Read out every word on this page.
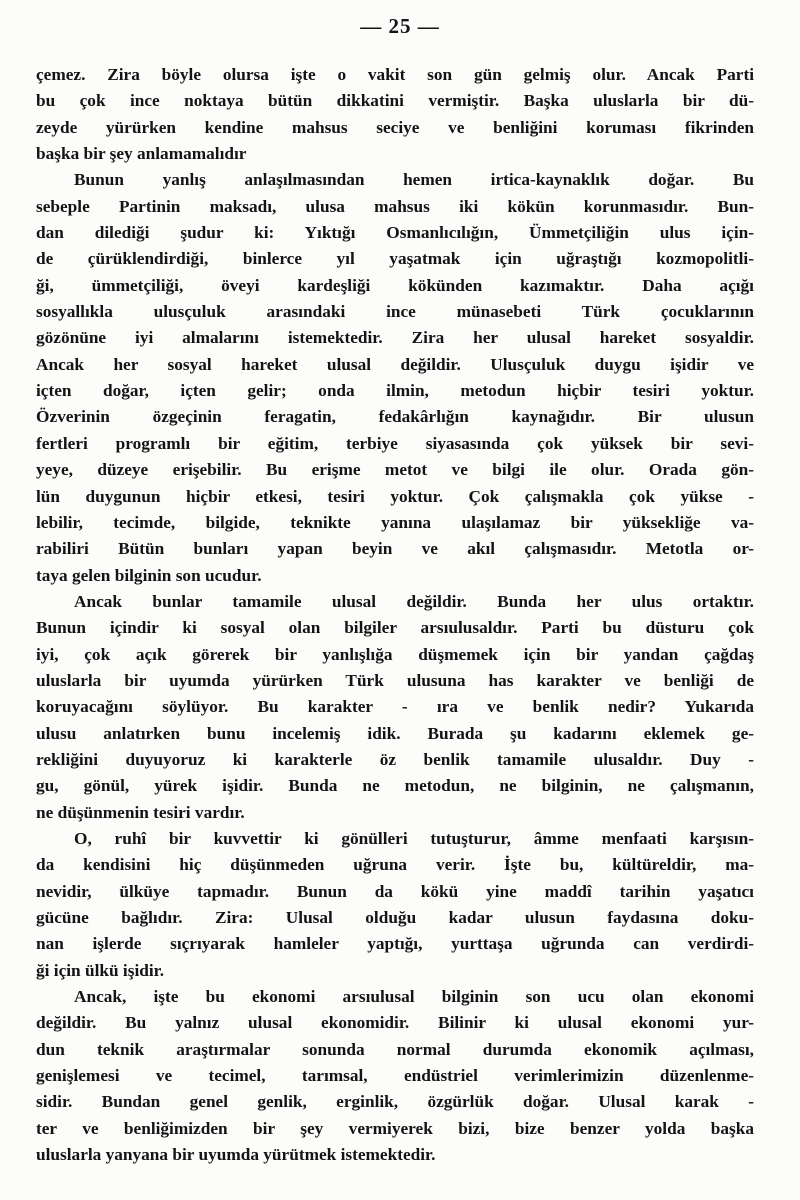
— 25 —
çemez. Zira böyle olursa işte o vakit son gün gelmiş olur. Ancak Parti
bu çok ince noktaya bütün dikkatini vermiştir. Başka uluslarla bir dü-
zeyde yürürken kendine mahsus seciye ve benliğini koruması fikrinden
başka bir şey anlamamalıdır
Bunun yanlış anlaşılmasından hemen irtica-kaynaklık doğar. Bu
sebeple Partinin maksadı, ulusa mahsus iki kökün korunmasıdır. Bun-
dan dilediği şudur ki: Yıktığı Osmanlıcılığın, Ümmetçiliğin ulus için-
de çürüklendirdiği, binlerce yıl yaşatmak için uğraştığı kozmopolitli-
ği, ümmetçiliği, öveyi kardeşliği kökünden kazımaktır. Daha açığı
sosyallıkla ulusçuluk arasındaki ince münasebeti Türk çocuklarının
gözönüne iyi almalarını istemektedir. Zira her ulusal hareket sosyaldir.
Ancak her sosyal hareket ulusal değildir. Ulusçuluk duygu işidir ve
içten doğar, içten gelir; onda ilmin, metodun hiçbir tesiri yoktur.
Özverinin özgeçinin feragatin, fedakârlığın kaynağıdır. Bir ulusun
fertleri programlı bir eğitim, terbiye siyasasında çok yüksek bir sevi-
yeye, düzeye erişebilir. Bu erişme metot ve bilgi ile olur. Orada gön-
lün duygunun hiçbir etkesi, tesiri yoktur. Çok çalışmakla çok yükse -
lebilir, tecimde, bilgide, teknikte yanına ulaşılamaz bir yüksekliğe va-
rabiliri Bütün bunları yapan beyin ve akıl çalışmasıdır. Metotla or-
taya gelen bilginin son ucudur.
Ancak bunlar tamamile ulusal değildir. Bunda her ulus ortaktır.
Bunun içindir ki sosyal olan bilgiler arsıulusaldır. Parti bu düsturu çok
iyi, çok açık görerek bir yanlışlığa düşmemek için bir yandan çağdaş
uluslarla bir uyumda yürürken Türk ulusuna has karakter ve benliği de
koruyacağını söylüyor. Bu karakter - ıra ve benlik nedir? Yukarıda
ulusu anlatırken bunu incelemiş idik. Burada şu kadarını eklemek ge-
rekliğini duyuyoruz ki karakterle öz benlik tamamile ulusaldır. Duy -
gu, gönül, yürek işidir. Bunda ne metodun, ne bilginin, ne çalışmanın,
ne düşünmenin tesiri vardır.
O, ruhî bir kuvvettir ki gönülleri tutuşturur, âmme menfaati karşısın-
da kendisini hiç düşünmeden uğruna verir. İşte bu, kültüreldir, ma-
nevidir, ülküye tapmadır. Bunun da kökü yine maddî tarihin yaşatıcı
gücüne bağlıdır. Zira: Ulusal olduğu kadar ulusun faydasına doku-
nan işlerde sıçrıyarak hamleler yaptığı, yurttaşa uğrunda can verdirdi-
ği için ülkü işidir.
Ancak, işte bu ekonomi arsıulusal bilginin son ucu olan ekonomi
değildir. Bu yalnız ulusal ekonomidir. Bilinir ki ulusal ekonomi yur-
dun teknik araştırmalar sonunda normal durumda ekonomik açılması,
genişlemesi ve tecimel, tarımsal, endüstriel verimlerimizin düzenlenme-
sidir. Bundan genel genlik, erginlik, özgürlük doğar. Ulusal karak -
ter ve benliğimizden bir şey vermiyerek bizi, bize benzer yolda başka
uluslarla yanyana bir uyumda yürütmek istemektedir.
